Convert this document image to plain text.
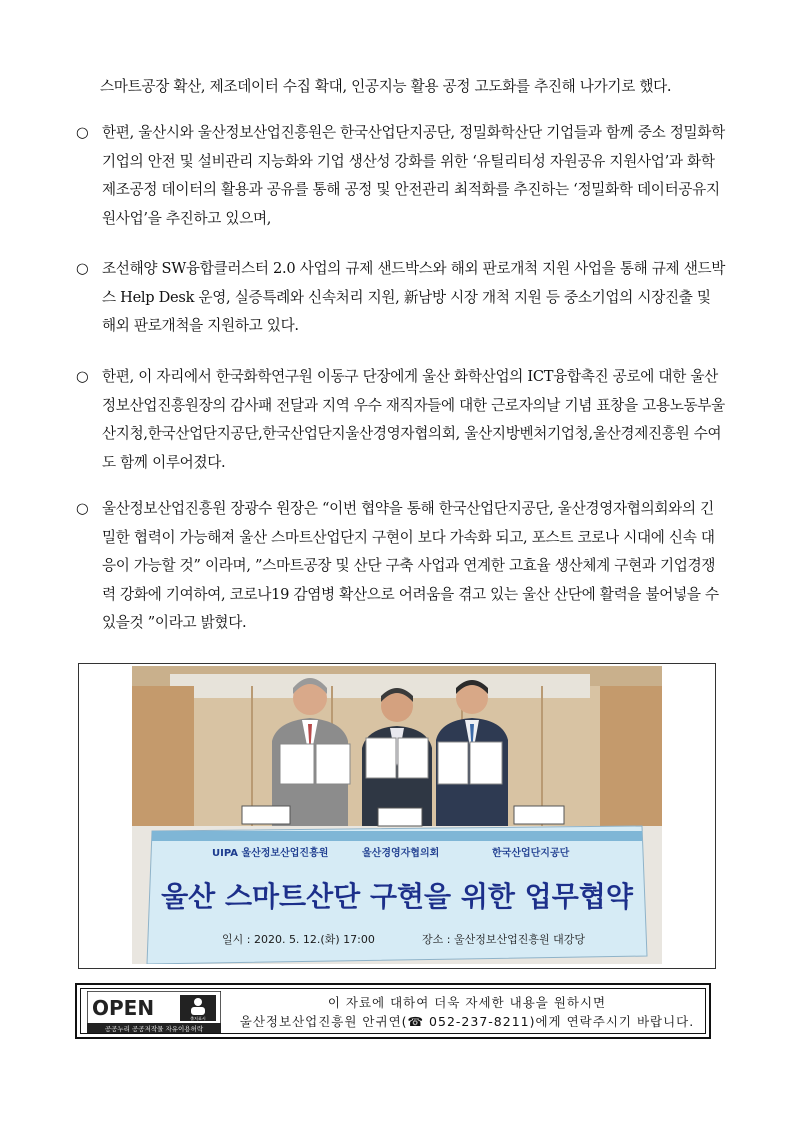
스마트공장 확산, 제조데이터 수집 확대, 인공지능 활용 공정 고도화를 추진해 나가기로 했다.
○ 한편, 울산시와 울산정보산업진흥원은 한국산업단지공단, 정밀화학산단 기업들과 함께 중소 정밀화학기업의 안전 및 설비관리 지능화와 기업 생산성 강화를 위한 ‘유틸리티성 자원공유 지원사업’과 화학제조공정 데이터의 활용과 공유를 통해 공정 및 안전관리 최적화를 추진하는 ‘정밀화학 데이터공유지원사업’을 추진하고 있으며,
○ 조선해양 SW융합클러스터 2.0 사업의 규제 샌드박스와 해외 판로개척 지원 사업을 통해 규제 샌드박스 Help Desk 운영, 실증특례와 신속처리 지원, 新남방 시장 개척 지원 등 중소기업의 시장진출 및 해외 판로개척을 지원하고 있다.
○ 한편, 이 자리에서 한국화학연구원 이동구 단장에게 울산 화학산업의 ICT융합촉진 공로에 대한 울산정보산업진흥원장의 감사패 전달과 지역 우수 재직자들에 대한 근로자의날 기념 표창을 고용노동부울산지청,한국산업단지공단,한국산업단지울산경영자협의회, 울산지방벤처기업청,울산경제진흥원 수여도 함께 이루어졌다.
○ 울산정보산업진흥원 장광수 원장은 “이번 협약을 통해 한국산업단지공단, 울산경영자협의회와의 긴밀한 협력이 가능해져 울산 스마트산업단지 구현이 보다 가속화 되고, 포스트 코로나 시대에 신속 대응이 가능할 것” 이라며, ”스마트공장 및 산단 구축 사업과 연계한 고효율 생산체계 구현과 기업경쟁력 강화에 기여하여, 코로나19 감염병 확산으로 어려움을 겪고 있는 울산 산단에 활력을 불어넣을 수 있을것 ”이라고 밝혔다.
UIPA 울산정보산업진흥원	울산경영자협의회	한국산업단지공단
울산 스마트산단 구현을 위한 업무협약
일시 : 2020. 5. 12.(화) 17:00	장소 : 울산정보산업진흥원 대강당
OPEN	출처표시
공공누리 공공저작물 자유이용허락
이 자료에 대하여 더욱 자세한 내용을 원하시면
울산정보산업진흥원 안귀연(☎ 052-237-8211)에게 연락주시기 바랍니다.
